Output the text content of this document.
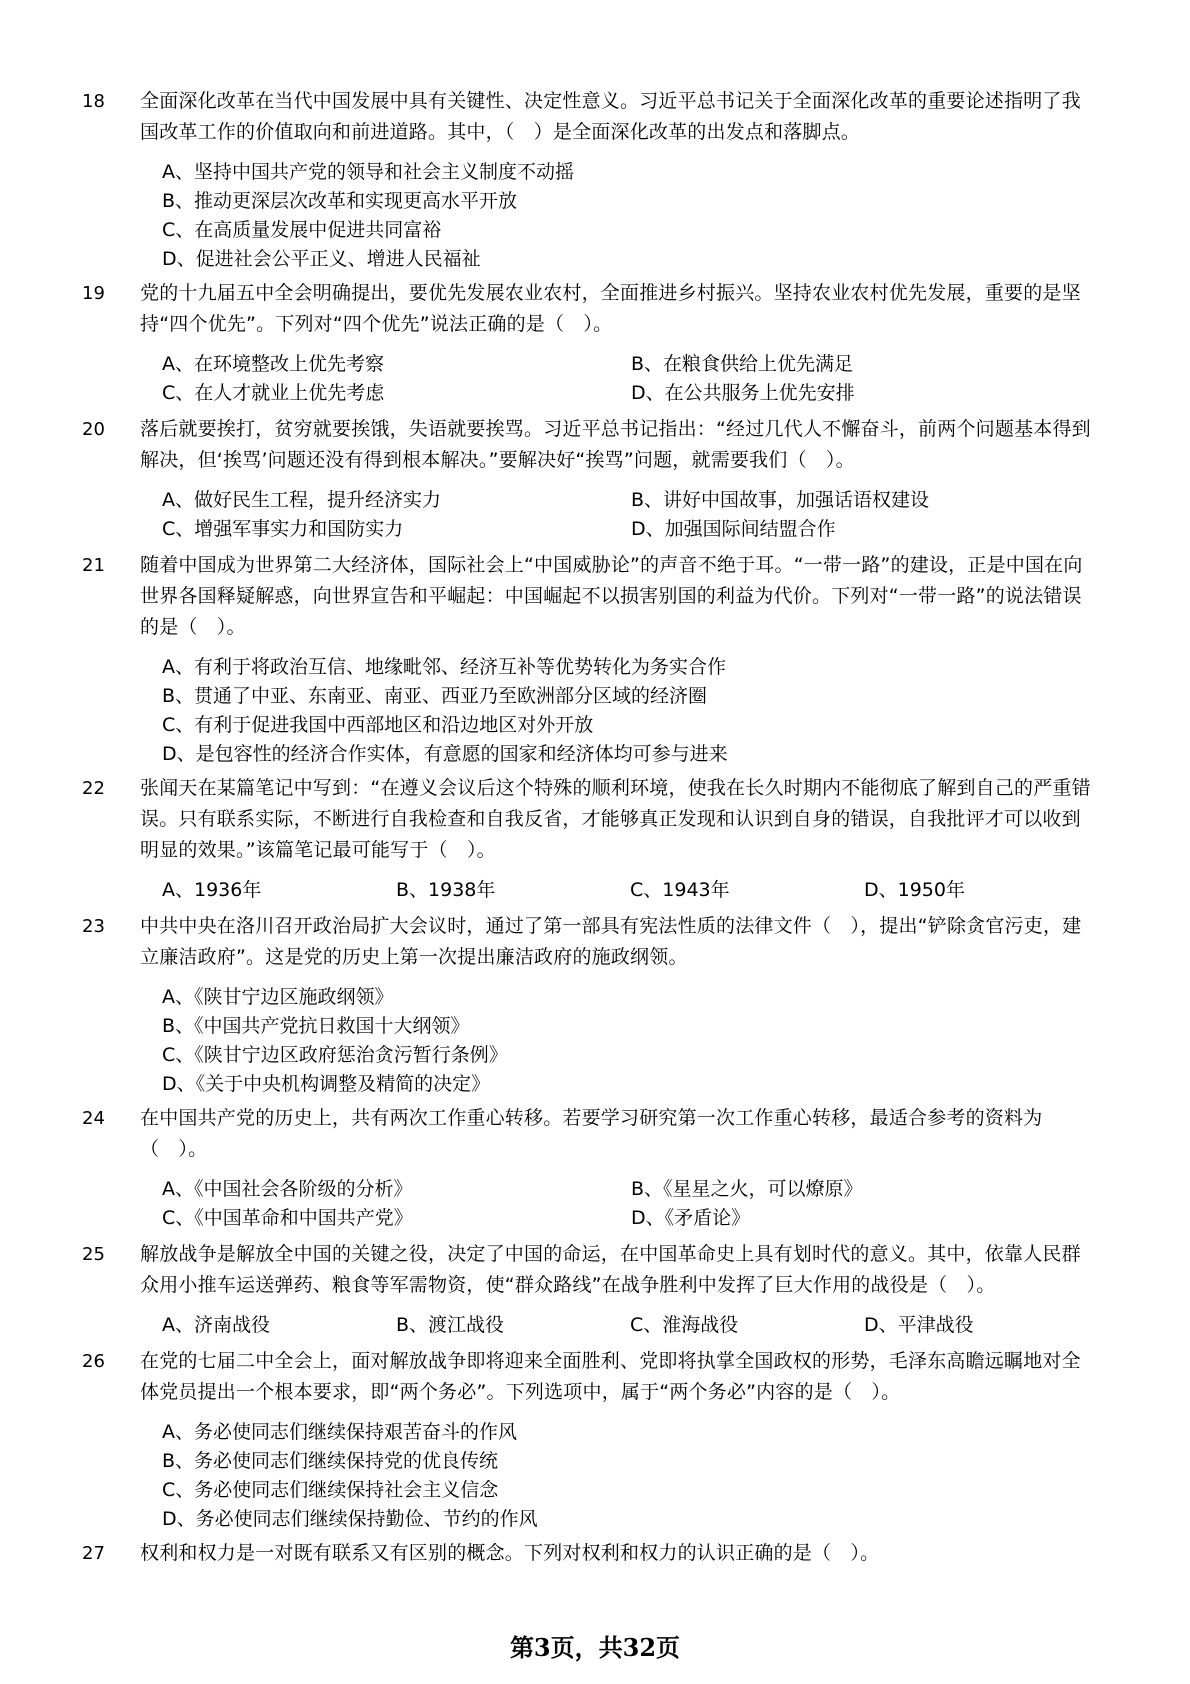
18	全面深化改革在当代中国发展中具有关键性、决定性意义。习近平总书记关于全面深化改革的重要论述指明了我国改革工作的价值取向和前进道路。其中，（　）是全面深化改革的出发点和落脚点。
A、坚持中国共产党的领导和社会主义制度不动摇
B、推动更深层次改革和实现更高水平开放
C、在高质量发展中促进共同富裕
D、促进社会公平正义、增进人民福祉
19	党的十九届五中全会明确提出，要优先发展农业农村，全面推进乡村振兴。坚持农业农村优先发展，重要的是坚持“四个优先”。下列对“四个优先”说法正确的是（　）。
A、在环境整改上优先考察	B、在粮食供给上优先满足
C、在人才就业上优先考虑	D、在公共服务上优先安排
20	落后就要挨打，贫穷就要挨饿，失语就要挨骂。习近平总书记指出：“经过几代人不懈奋斗，前两个问题基本得到解决，但‘挨骂’问题还没有得到根本解决。”要解决好“挨骂”问题，就需要我们（　）。
A、做好民生工程，提升经济实力	B、讲好中国故事，加强话语权建设
C、增强军事实力和国防实力	D、加强国际间结盟合作
21	随着中国成为世界第二大经济体，国际社会上“中国威胁论”的声音不绝于耳。“一带一路”的建设，正是中国在向世界各国释疑解惑，向世界宣告和平崛起：中国崛起不以损害别国的利益为代价。下列对“一带一路”的说法错误的是（　）。
A、有利于将政治互信、地缘毗邻、经济互补等优势转化为务实合作
B、贯通了中亚、东南亚、南亚、西亚乃至欧洲部分区域的经济圈
C、有利于促进我国中西部地区和沿边地区对外开放
D、是包容性的经济合作实体，有意愿的国家和经济体均可参与进来
22	张闻天在某篇笔记中写到：“在遵义会议后这个特殊的顺利环境，使我在长久时期内不能彻底了解到自己的严重错误。只有联系实际，不断进行自我检查和自我反省，才能够真正发现和认识到自身的错误，自我批评才可以收到明显的效果。”该篇笔记最可能写于（　）。
A、1936年	B、1938年	C、1943年	D、1950年
23	中共中央在洛川召开政治局扩大会议时，通过了第一部具有宪法性质的法律文件（　），提出“铲除贪官污吏，建立廉洁政府”。这是党的历史上第一次提出廉洁政府的施政纲领。
A、《陕甘宁边区施政纲领》
B、《中国共产党抗日救国十大纲领》
C、《陕甘宁边区政府惩治贪污暂行条例》
D、《关于中央机构调整及精简的决定》
24	在中国共产党的历史上，共有两次工作重心转移。若要学习研究第一次工作重心转移，最适合参考的资料为（　）。
A、《中国社会各阶级的分析》	B、《星星之火，可以燎原》
C、《中国革命和中国共产党》	D、《矛盾论》
25	解放战争是解放全中国的关键之役，决定了中国的命运，在中国革命史上具有划时代的意义。其中，依靠人民群众用小推车运送弹药、粮食等军需物资，使“群众路线”在战争胜利中发挥了巨大作用的战役是（　）。
A、济南战役	B、渡江战役	C、淮海战役	D、平津战役
26	在党的七届二中全会上，面对解放战争即将迎来全面胜利、党即将执掌全国政权的形势，毛泽东高瞻远瞩地对全体党员提出一个根本要求，即“两个务必”。下列选项中，属于“两个务必”内容的是（　）。
A、务必使同志们继续保持艰苦奋斗的作风
B、务必使同志们继续保持党的优良传统
C、务必使同志们继续保持社会主义信念
D、务必使同志们继续保持勤俭、节约的作风
27	权利和权力是一对既有联系又有区别的概念。下列对权利和权力的认识正确的是（　）。
第3页，共32页
